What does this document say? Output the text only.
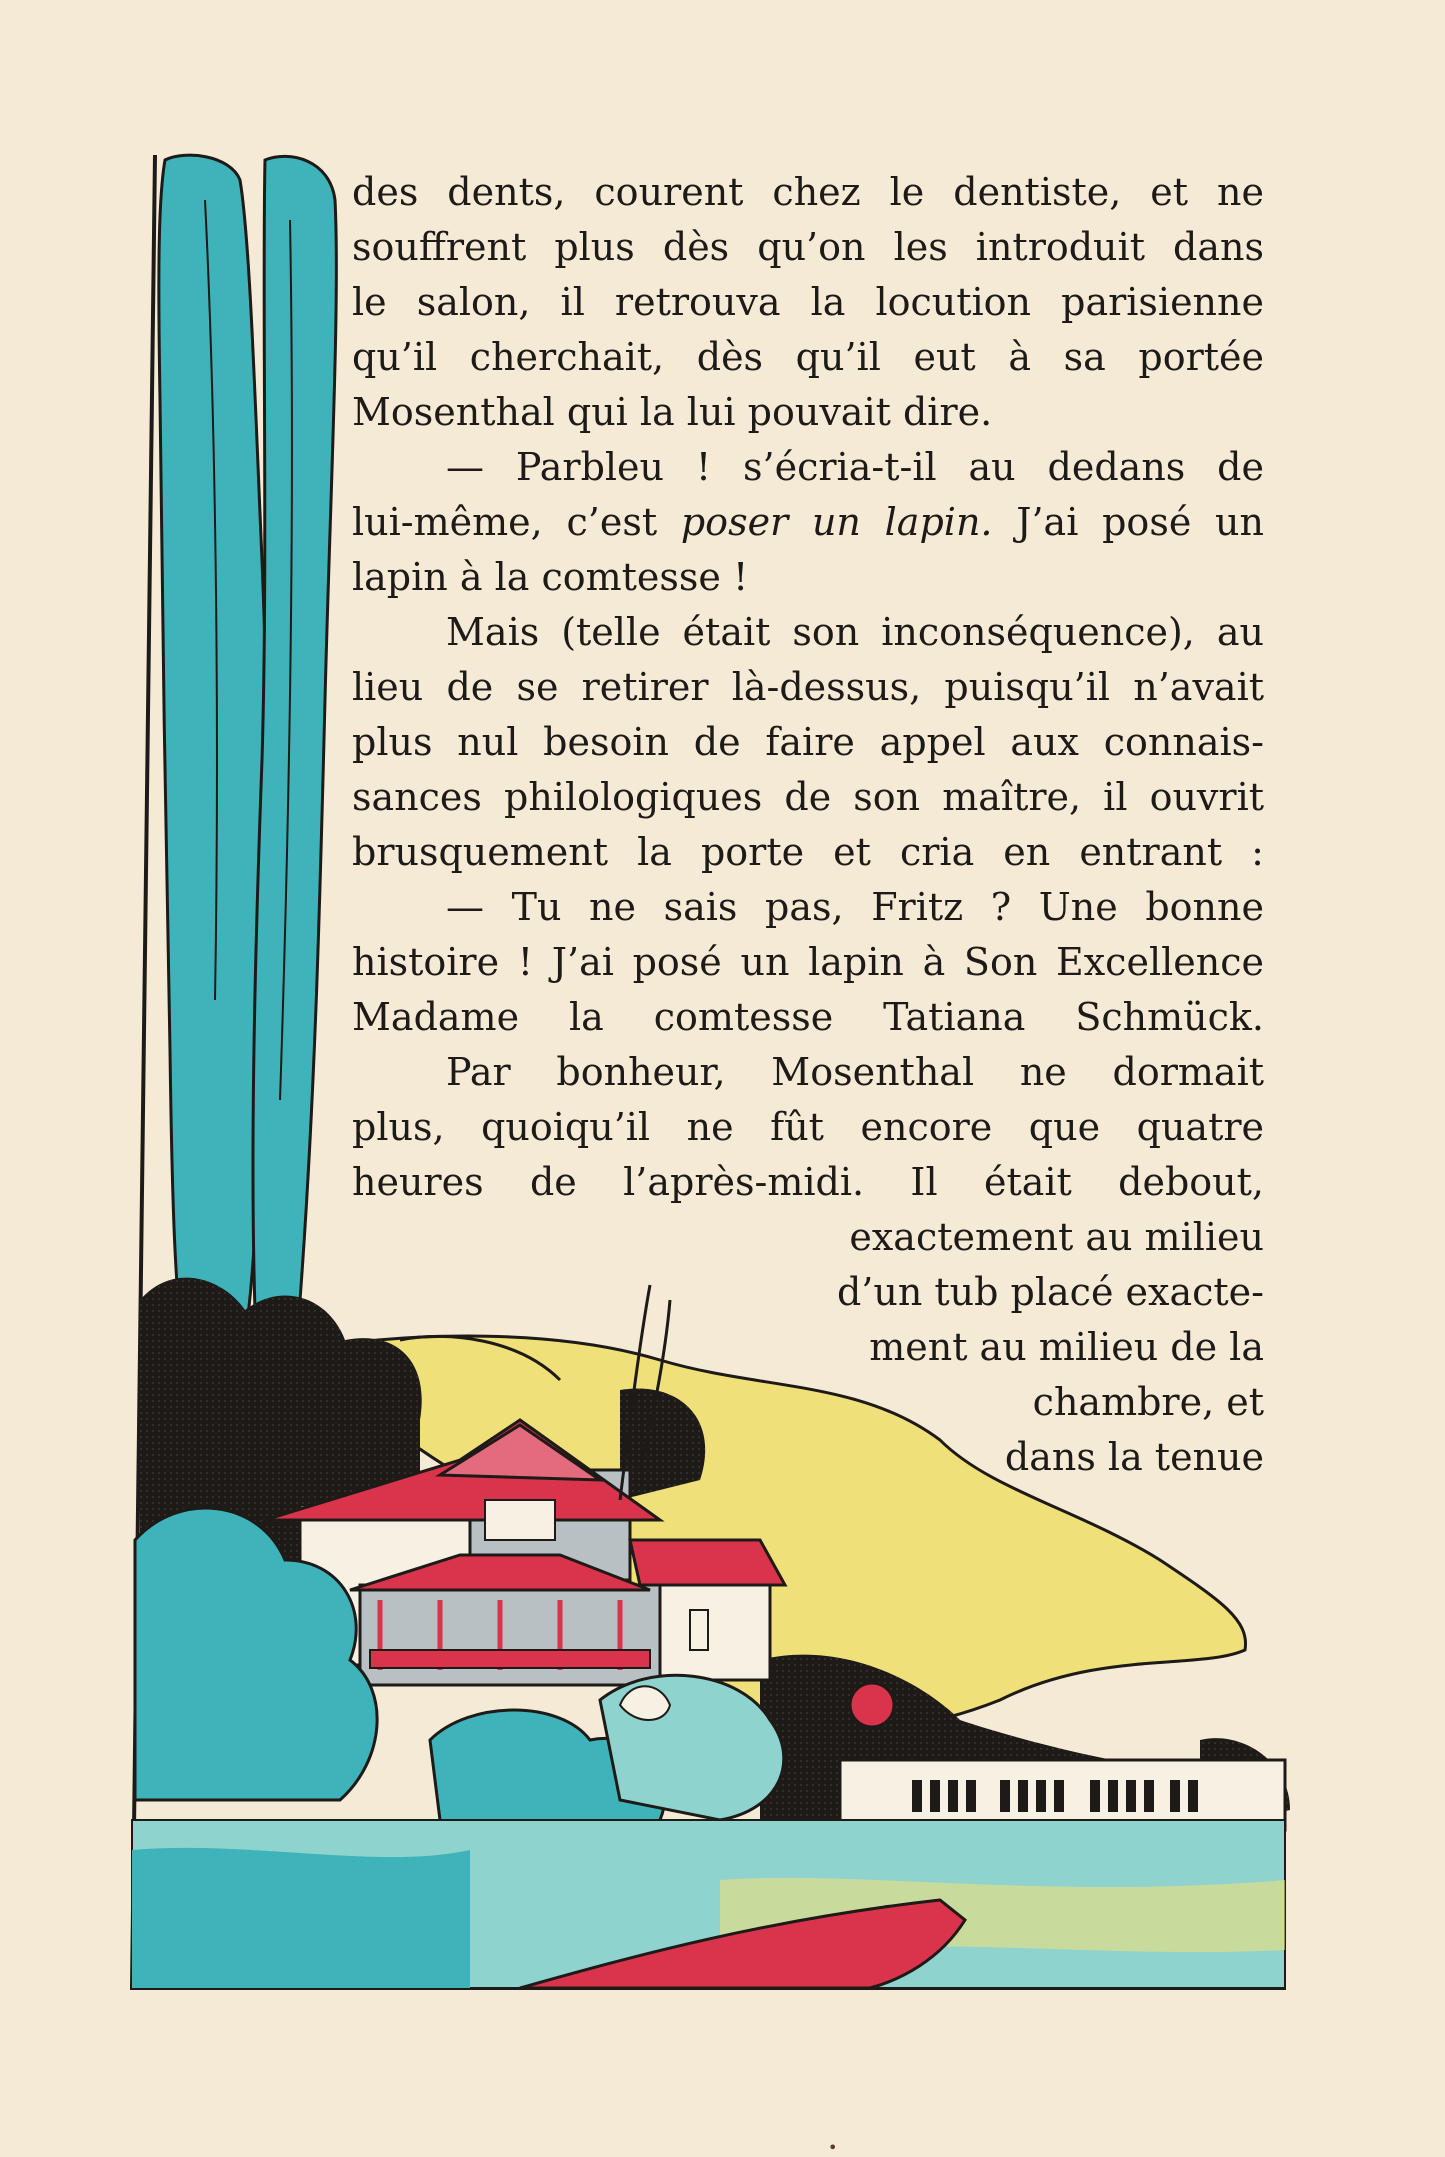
des dents, courent chez le dentiste, et ne
souffrent plus dès qu’on les introduit dans
le salon, il retrouva la locution parisienne
qu’il cherchait, dès qu’il eut à sa portée
Mosenthal qui la lui pouvait dire.
— Parbleu ! s’écria-t-il au dedans de
lui-même, c’est poser un lapin. J’ai posé un
lapin à la comtesse !
Mais (telle était son inconséquence), au
lieu de se retirer là-dessus, puisqu’il n’avait
plus nul besoin de faire appel aux connais-
sances philologiques de son maître, il ouvrit
brusquement la porte et cria en entrant :
— Tu ne sais pas, Fritz ? Une bonne
histoire ! J’ai posé un lapin à Son Excellence
Madame la comtesse Tatiana Schmück.
Par bonheur, Mosenthal ne dormait
plus, quoiqu’il ne fût encore que quatre
heures de l’après-midi. Il était debout,
exactement au milieu
d’un tub placé exacte-
ment au milieu de la
chambre, et
dans la tenue
•
